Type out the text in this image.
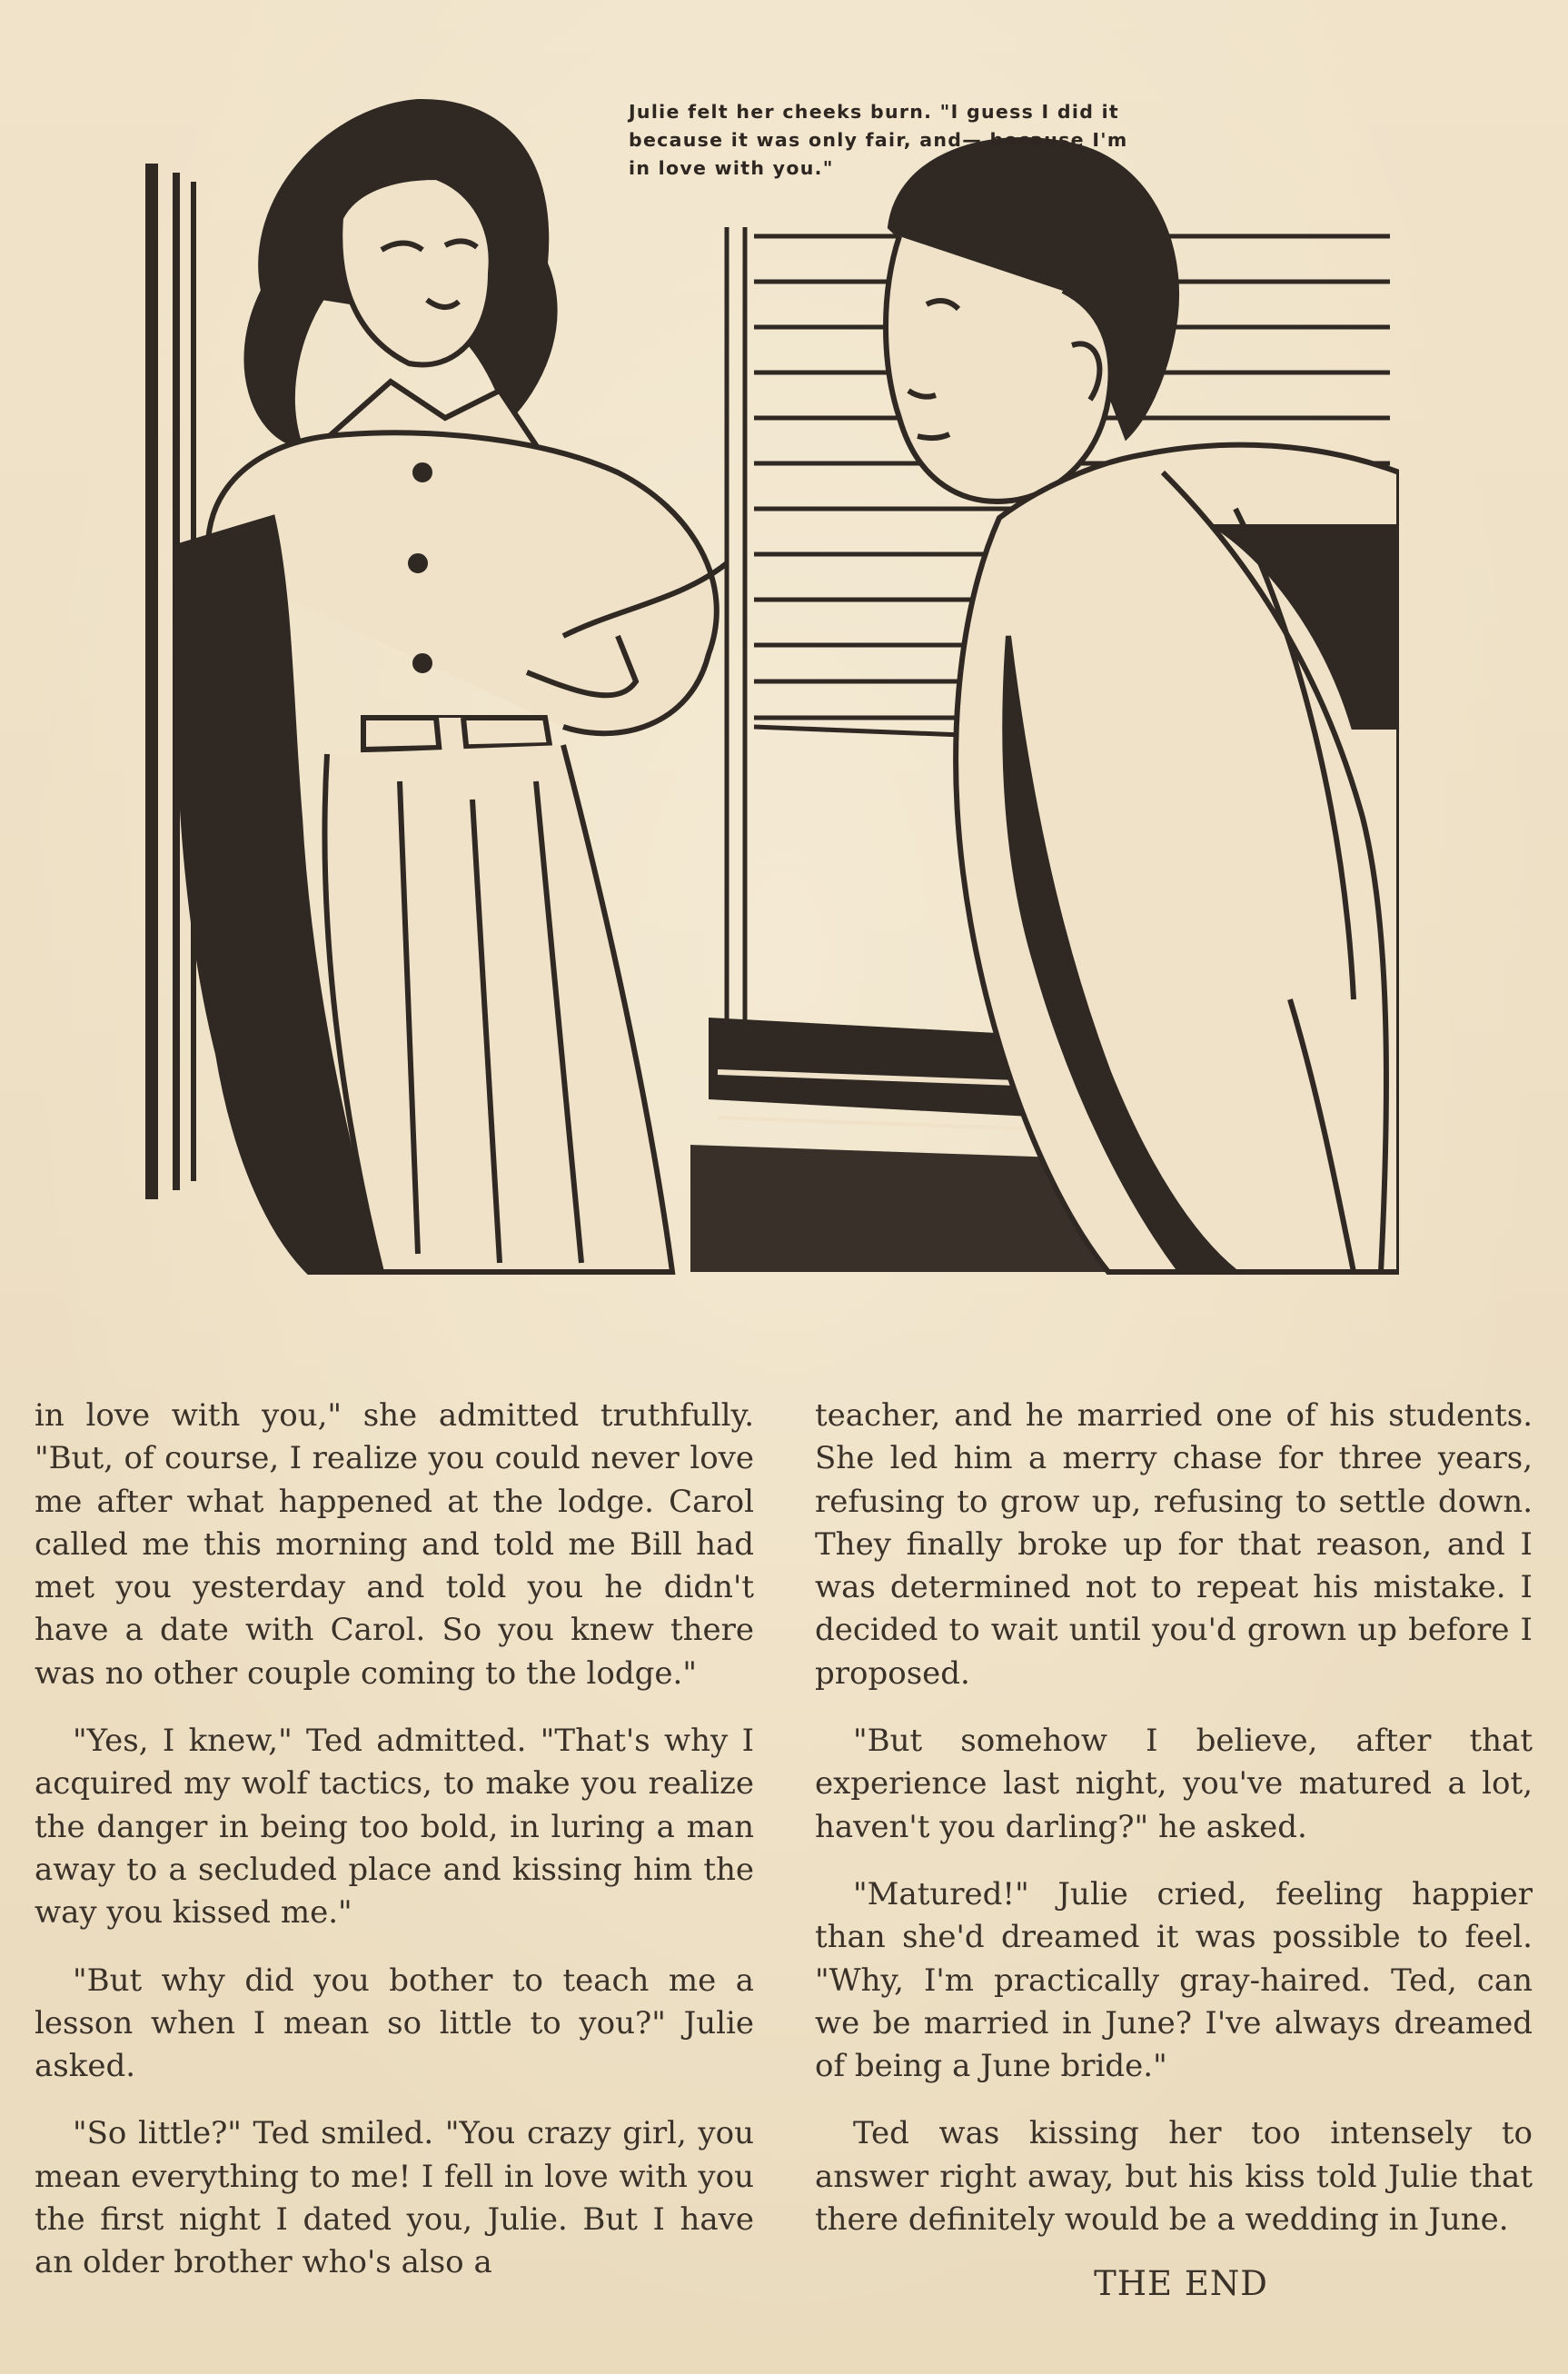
Julie felt her cheeks burn. "I guess I did it because it was only fair, and— because I'm in love with you."

in love with you," she admitted truthfully. "But, of course, I realize you could never love me after what happened at the lodge. Carol called me this morning and told me Bill had met you yesterday and told you he didn't have a date with Carol. So you knew there was no other couple coming to the lodge."

"Yes, I knew," Ted admitted. "That's why I acquired my wolf tactics, to make you realize the danger in being too bold, in luring a man away to a secluded place and kissing him the way you kissed me."

"But why did you bother to teach me a lesson when I mean so little to you?" Julie asked.

"So little?" Ted smiled. "You crazy girl, you mean everything to me! I fell in love with you the first night I dated you, Julie. But I have an older brother who's also a

teacher, and he married one of his students. She led him a merry chase for three years, refusing to grow up, refusing to settle down. They finally broke up for that reason, and I was determined not to repeat his mistake. I decided to wait until you'd grown up before I proposed.

"But somehow I believe, after that experience last night, you've matured a lot, haven't you darling?" he asked.

"Matured!" Julie cried, feeling happier than she'd dreamed it was possible to feel. "Why, I'm practically gray-haired. Ted, can we be married in June? I've always dreamed of being a June bride."

Ted was kissing her too intensely to answer right away, but his kiss told Julie that there definitely would be a wedding in June.

THE END
